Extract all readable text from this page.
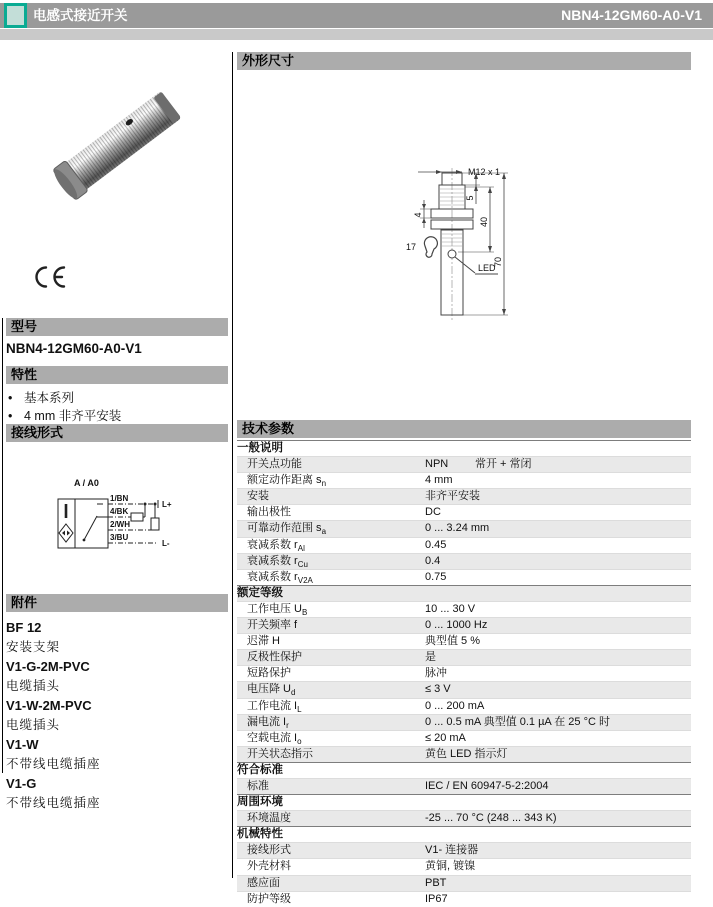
电感式接近开关	NBN4-12GM60-A0-V1
型号
NBN4-12GM60-A0-V1
特性
• 基本系列
• 4 mm 非齐平安装
接线形式
A / A0
1/BN
4/BK
2/WH
3/BU
L+
L-
附件
BF 12
安装支架
V1-G-2M-PVC
电缆插头
V1-W-2M-PVC
电缆插头
V1-W
不带线电缆插座
V1-G
不带线电缆插座
外形尺寸
M12 x 1
5
40
70
4
17
LED
技术参数
一般说明
开关点功能	NPN 常开 + 常闭
额定动作距离 $s_n$	4 mm
安装	非齐平安装
输出极性	DC
可靠动作范围 $s_a$	0 ... 3.24 mm
衰减系数 $r_{Al}$	0.45
衰减系数 $r_{Cu}$	0.4
衰减系数 $r_{V2A}$	0.75
额定等级
工作电压 $U_B$	10 ... 30 V
开关频率 f	0 ... 1000 Hz
迟滞 H	典型值 5 %
反极性保护	是
短路保护	脉冲
电压降 $U_d$	≤ 3 V
工作电流 $I_L$	0 ... 200 mA
漏电流 $I_r$	0 ... 0.5 mA 典型值 0.1 µA 在 25 °C 时
空载电流 $I_o$	≤ 20 mA
开关状态指示	黄色 LED 指示灯
符合标准
标准	IEC / EN 60947-5-2:2004
周围环境
环境温度	-25 ... 70 °C (248 ... 343 K)
机械特性
接线形式	V1- 连接器
外壳材料	黄铜, 镀镍
感应面	PBT
防护等级	IP67
